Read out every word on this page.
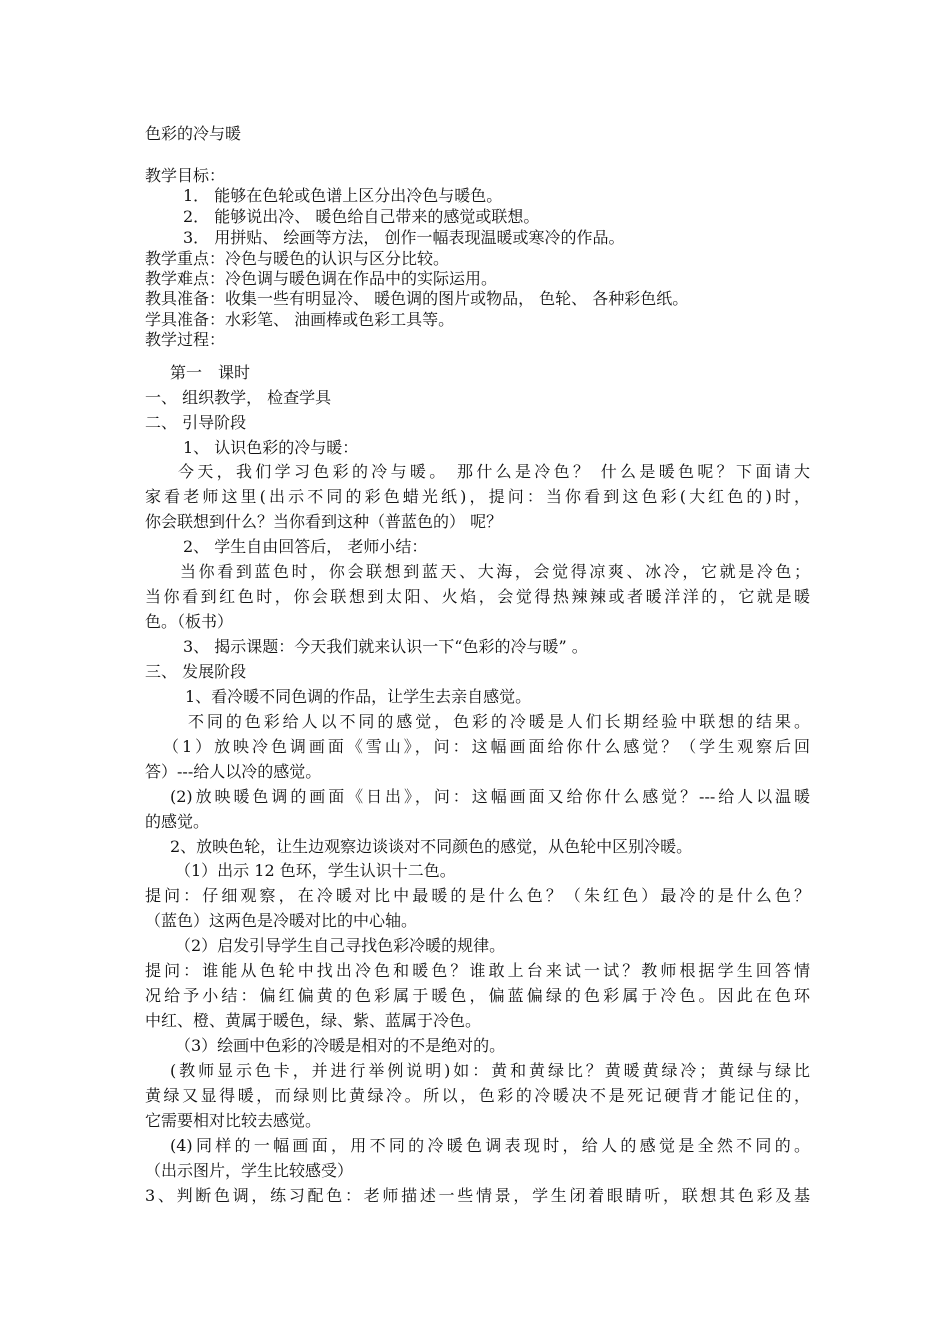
色彩的冷与暖
教学目标：
1． 能够在色轮或色谱上区分出冷色与暖色。
2． 能够说出冷、 暖色给自己带来的感觉或联想。
3． 用拼贴、 绘画等方法， 创作一幅表现温暖或寒冷的作品。
教学重点：冷色与暖色的认识与区分比较。
教学难点：冷色调与暖色调在作品中的实际运用。
教具准备：收集一些有明显冷、 暖色调的图片或物品， 色轮、 各种彩色纸。
学具准备：水彩笔、 油画棒或色彩工具等。
教学过程：
第一　课时
一、 组织教学， 检查学具
二、 引导阶段
1、 认识色彩的冷与暖：
今天，我们学习色彩的冷与暖。 那什么是冷色？ 什么是暖色呢？下面请大
家看老师这里(出示不同的彩色蜡光纸)，提问：当你看到这色彩(大红色的)时，
你会联想到什么？当你看到这种（普蓝色的） 呢？
2、 学生自由回答后， 老师小结：
当你看到蓝色时，你会联想到蓝天、大海，会觉得凉爽、冰冷，它就是冷色；
当你看到红色时，你会联想到太阳、火焰，会觉得热辣辣或者暖洋洋的，它就是暖
色。（板书）
3、 揭示课题：今天我们就来认识一下“色彩的冷与暖” 。
三、 发展阶段
1、看冷暖不同色调的作品，让学生去亲自感觉。
不同的色彩给人以不同的感觉，色彩的冷暖是人们长期经验中联想的结果。
（1）放映冷色调画面《雪山》，问：这幅画面给你什么感觉？（学生观察后回
答）---给人以冷的感觉。
(2)放映暖色调的画面《日出》，问：这幅画面又给你什么感觉？---给人以温暖
的感觉。
2、放映色轮，让生边观察边谈谈对不同颜色的感觉，从色轮中区别冷暖。
（1）出示 12 色环，学生认识十二色。
提问：仔细观察，在冷暖对比中最暖的是什么色？（朱红色）最冷的是什么色？
（蓝色）这两色是冷暖对比的中心轴。
（2）启发引导学生自己寻找色彩冷暖的规律。
提问：谁能从色轮中找出冷色和暖色？谁敢上台来试一试？教师根据学生回答情
况给予小结：偏红偏黄的色彩属于暖色，偏蓝偏绿的色彩属于冷色。因此在色环
中红、橙、黄属于暖色，绿、紫、蓝属于冷色。
（3）绘画中色彩的冷暖是相对的不是绝对的。
(教师显示色卡，并进行举例说明)如：黄和黄绿比？黄暖黄绿冷；黄绿与绿比
黄绿又显得暖，而绿则比黄绿冷。所以，色彩的冷暖决不是死记硬背才能记住的，
它需要相对比较去感觉。
(4)同样的一幅画面，用不同的冷暖色调表现时，给人的感觉是全然不同的。
（出示图片，学生比较感受）
3、判断色调，练习配色：老师描述一些情景，学生闭着眼睛听，联想其色彩及基
